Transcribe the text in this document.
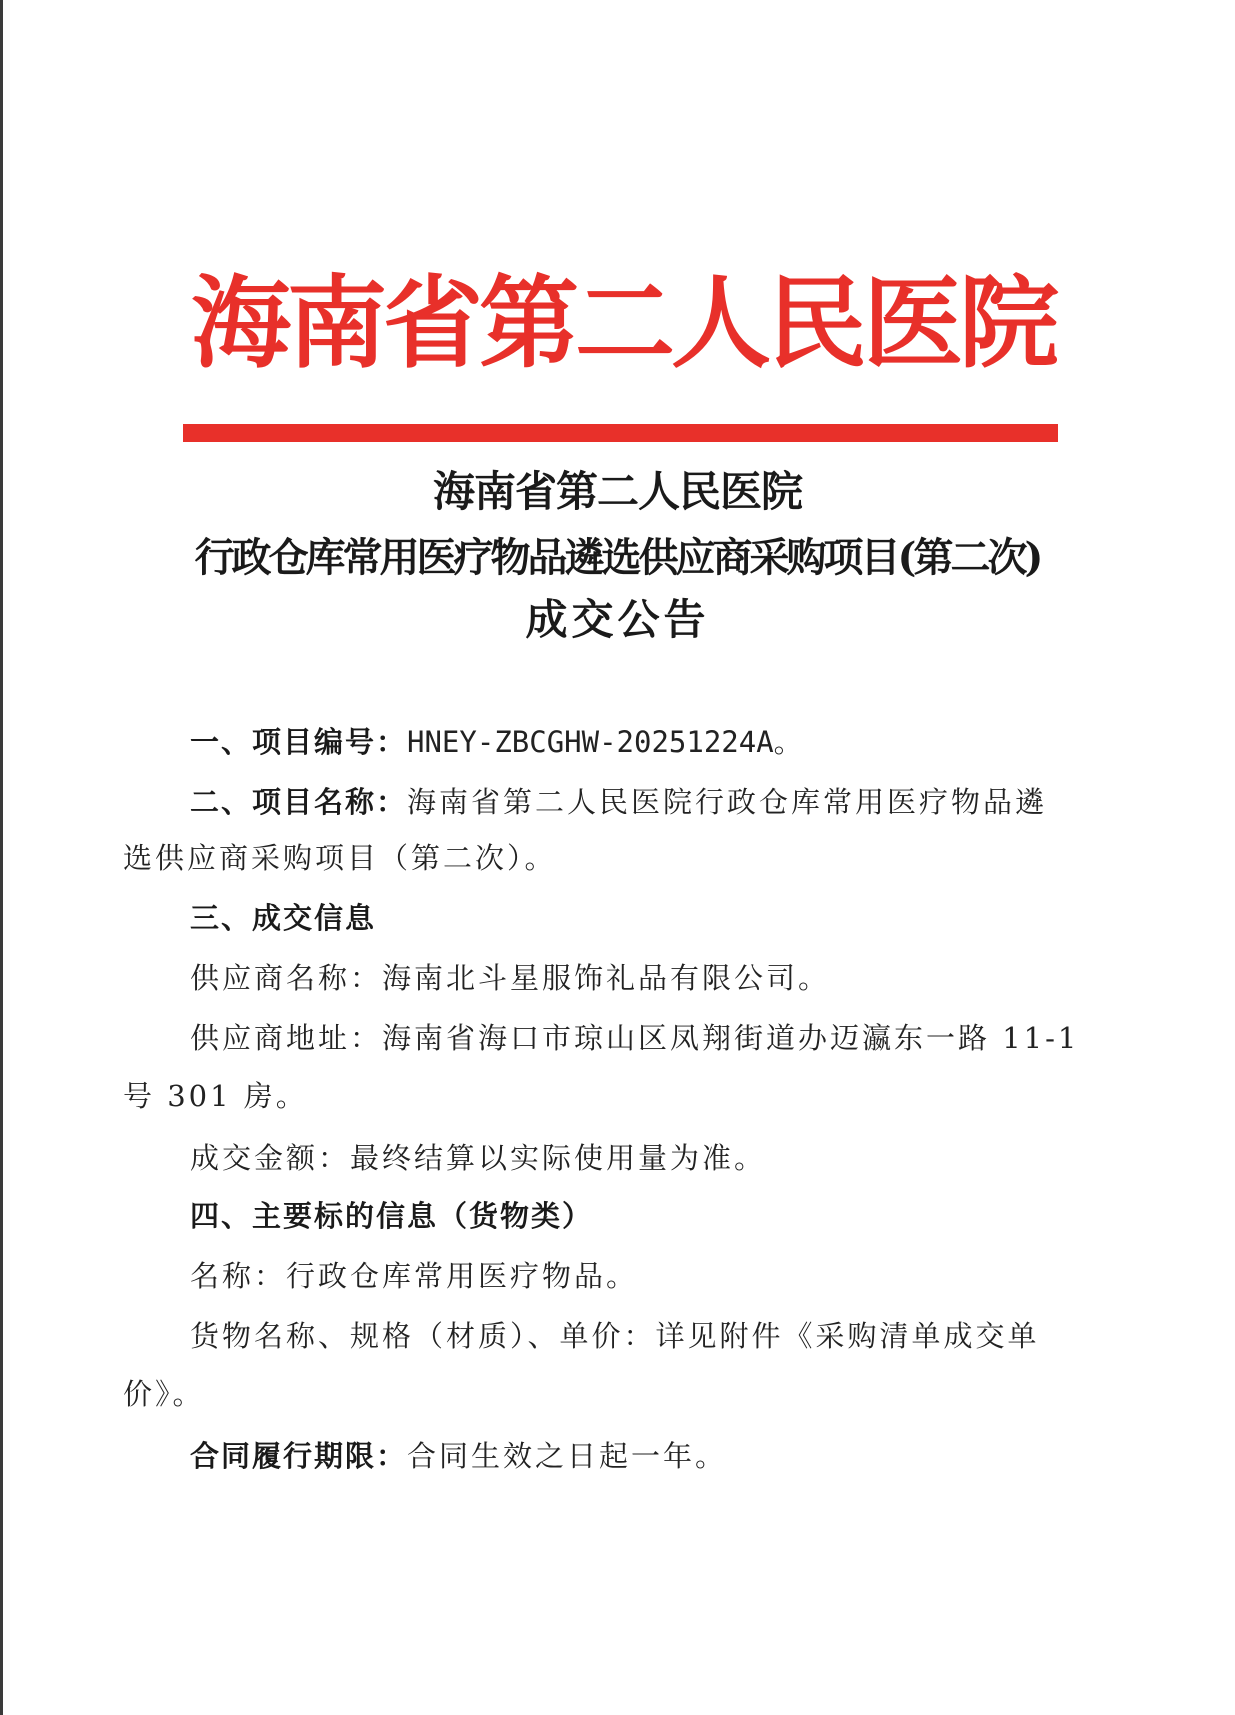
海南省第二人民医院
海南省第二人民医院
行政仓库常用医疗物品遴选供应商采购项目(第二次)
成交公告
一、项目编号：HNEY-ZBCGHW-20251224A。
二、项目名称：海南省第二人民医院行政仓库常用医疗物品遴
选供应商采购项目（第二次）。
三、成交信息
供应商名称：海南北斗星服饰礼品有限公司。
供应商地址：海南省海口市琼山区凤翔街道办迈瀛东一路 11-1
号 301 房。
成交金额：最终结算以实际使用量为准。
四、主要标的信息（货物类）
名称：行政仓库常用医疗物品。
货物名称、规格（材质）、单价：详见附件《采购清单成交单
价》。
合同履行期限：合同生效之日起一年。
